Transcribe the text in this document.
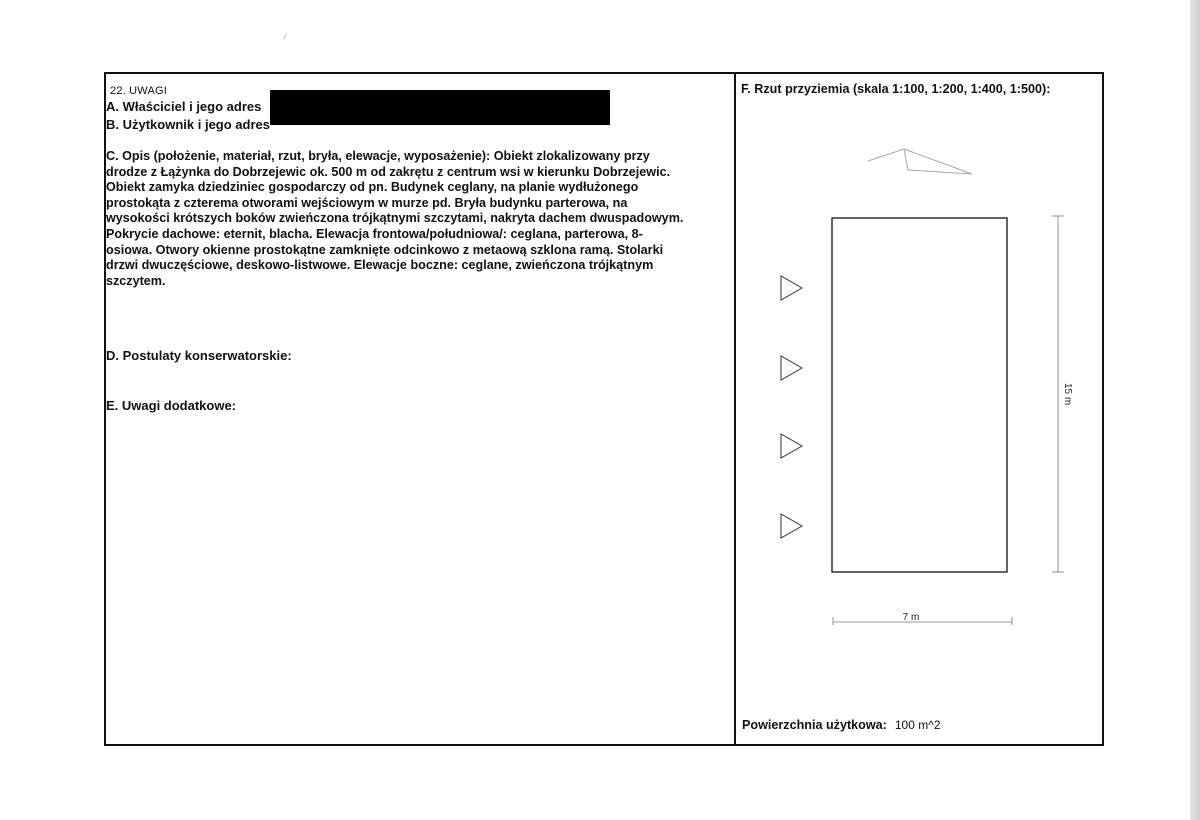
22. UWAGI
A. Właściciel i jego adres
B. Użytkownik i jego adres
C. Opis (położenie, materiał, rzut, bryła, elewacje, wyposażenie): Obiekt zlokalizowany przy
drodze z Łążynka do Dobrzejewic ok. 500 m od zakrętu z centrum wsi w kierunku Dobrzejewic.
Obiekt zamyka dziedziniec gospodarczy od pn. Budynek ceglany, na planie wydłużonego
prostokąta z czterema otworami wejściowym w murze pd. Bryła budynku parterowa, na
wysokości krótszych boków zwieńczona trójkątnymi szczytami, nakryta dachem dwuspadowym.
Pokrycie dachowe: eternit, blacha. Elewacja frontowa/południowa/: ceglana, parterowa, 8-
osiowa. Otwory okienne prostokątne zamknięte odcinkowo z metaową szklona ramą. Stolarki
drzwi dwuczęściowe, deskowo-listwowe. Elewacje boczne: ceglane, zwieńczona trójkątnym
szczytem.
D. Postulaty konserwatorskie:
E. Uwagi dodatkowe:
F. Rzut przyziemia (skala 1:100, 1:200, 1:400, 1:500):
15 m
7 m
Powierzchnia użytkowa: 100 m^2
